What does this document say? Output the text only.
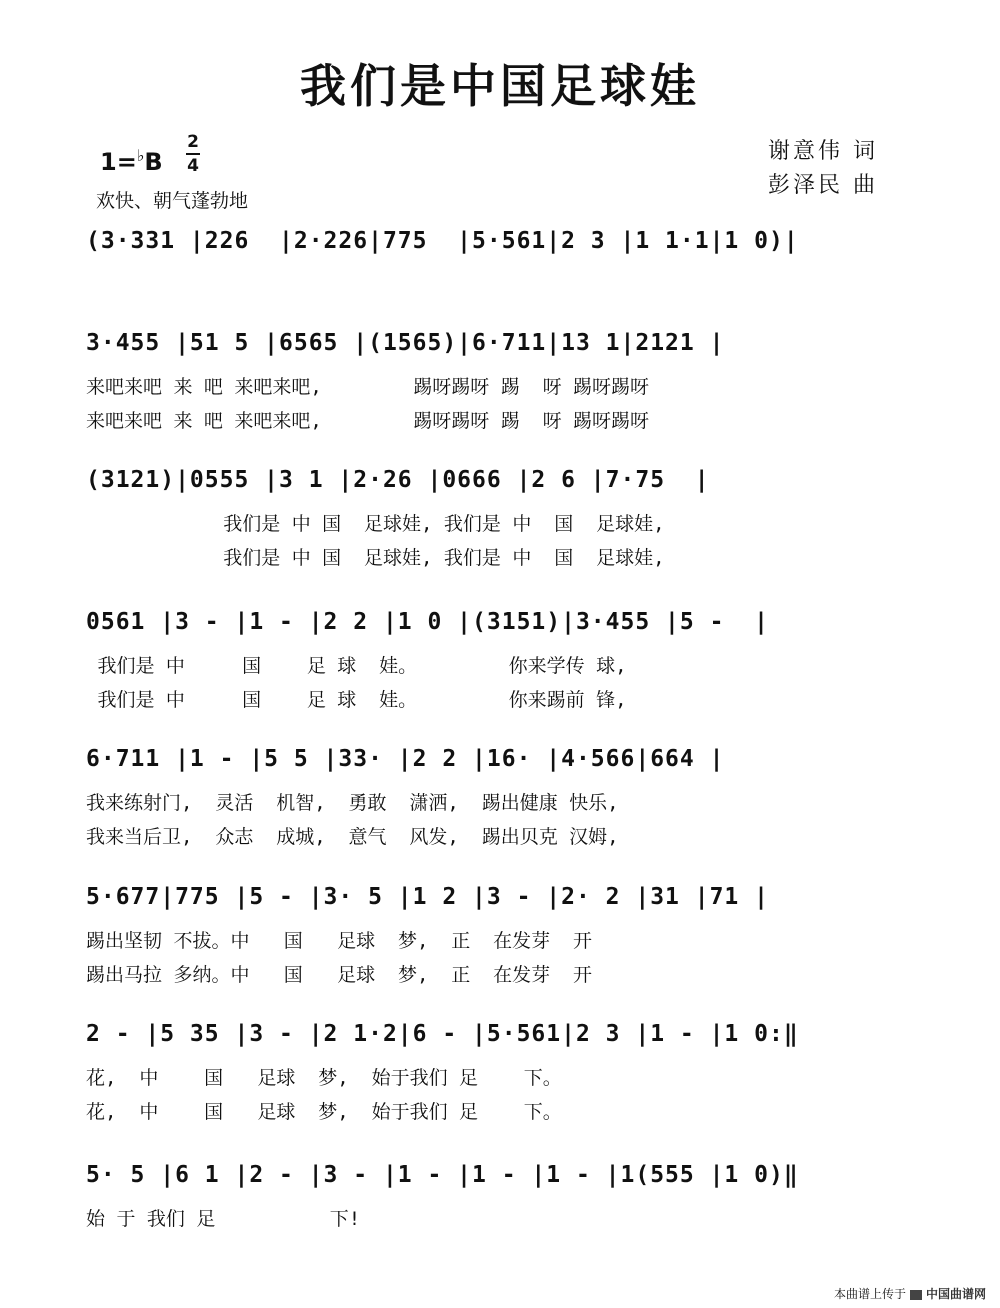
我们是中国足球娃
1=♭B
2
4
欢快、朝气蓬勃地
谢意伟 词
彭泽民 曲
(3·331 |226  |2·226|775  |5·561|2 3 |1 1·1|1 0)|
3·455 |51 5 |6565 |(1565)|6·711|13 1|2121 |
来吧来吧 来 吧 来吧来吧,        踢呀踢呀 踢  呀 踢呀踢呀
来吧来吧 来 吧 来吧来吧,        踢呀踢呀 踢  呀 踢呀踢呀
(3121)|0555 |3 1 |2·26 |0666 |2 6 |7·75  |
我们是 中 国  足球娃, 我们是 中  国  足球娃,
我们是 中 国  足球娃, 我们是 中  国  足球娃,
0561 |3 - |1 - |2 2 |1 0 |(3151)|3·455 |5 -  |
我们是 中     国    足 球  娃。        你来学传 球,
我们是 中     国    足 球  娃。        你来踢前 锋,
6·711 |1 - |5 5 |33· |2 2 |16· |4·566|664 |
我来练射门,  灵活  机智,  勇敢  潇洒,  踢出健康 快乐,
我来当后卫,  众志  成城,  意气  风发,  踢出贝克 汉姆,
5·677|775 |5 - |3· 5 |1 2 |3 - |2· 2 |31 |71 |
踢出坚韧 不拔。中   国   足球  梦,  正  在发芽  开
踢出马拉 多纳。中   国   足球  梦,  正  在发芽  开
2 - |5 35 |3 - |2 1·2|6 - |5·561|2 3 |1 - |1 0:‖
花,  中    国   足球  梦,  始于我们 足    下。
花,  中    国   足球  梦,  始于我们 足    下。
5· 5 |6 1 |2 - |3 - |1 - |1 - |1 - |1(555 |1 0)‖
始 于 我们 足          下!
本曲谱上传于 中国曲谱网
